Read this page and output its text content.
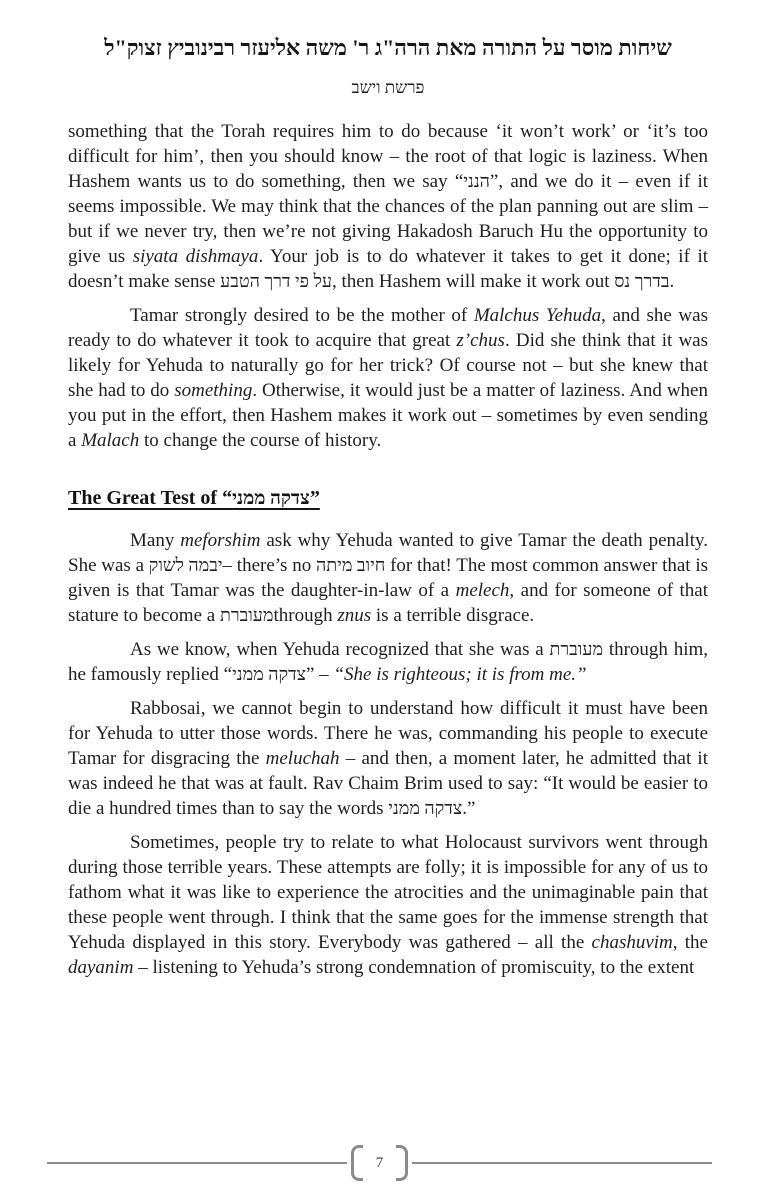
שיחות מוסר על התורה מאת הרה"ג ר' משה אליעזר רבינוביץ זצוק"ל
פרשת וישב

something that the Torah requires him to do because ‘it won’t work’ or ‘it’s too difficult for him’, then you should know – the root of that logic is laziness. When Hashem wants us to do something, then we say “הנני”, and we do it – even if it seems impossible. We may think that the chances of the plan panning out are slim – but if we never try, then we’re not giving Hakadosh Baruch Hu the opportunity to give us siyata dishmaya. Your job is to do whatever it takes to get it done; if it doesn’t make sense על פי דרך הטבע, then Hashem will make it work out בדרך נס.

Tamar strongly desired to be the mother of Malchus Yehuda, and she was ready to do whatever it took to acquire that great z’chus. Did she think that it was likely for Yehuda to naturally go for her trick? Of course not – but she knew that she had to do something. Otherwise, it would just be a matter of laziness. And when you put in the effort, then Hashem makes it work out – sometimes by even sending a Malach to change the course of history.

The Great Test of “צדקה ממני”

Many meforshim ask why Yehuda wanted to give Tamar the death penalty. She was a יבמה לשוק– there’s no חיוב מיתה for that! The most common answer that is given is that Tamar was the daughter-in-law of a melech, and for someone of that stature to become a מעוברתthrough znus is a terrible disgrace.

As we know, when Yehuda recognized that she was a מעוברת through him, he famously replied “צדקה ממני” – “She is righteous; it is from me.”

Rabbosai, we cannot begin to understand how difficult it must have been for Yehuda to utter those words. There he was, commanding his people to execute Tamar for disgracing the meluchah – and then, a moment later, he admitted that it was indeed he that was at fault. Rav Chaim Brim used to say: “It would be easier to die a hundred times than to say the words צדקה ממני.”

Sometimes, people try to relate to what Holocaust survivors went through during those terrible years. These attempts are folly; it is impossible for any of us to fathom what it was like to experience the atrocities and the unimaginable pain that these people went through. I think that the same goes for the immense strength that Yehuda displayed in this story. Everybody was gathered – all the chashuvim, the dayanim – listening to Yehuda’s strong condemnation of promiscuity, to the extent

7
